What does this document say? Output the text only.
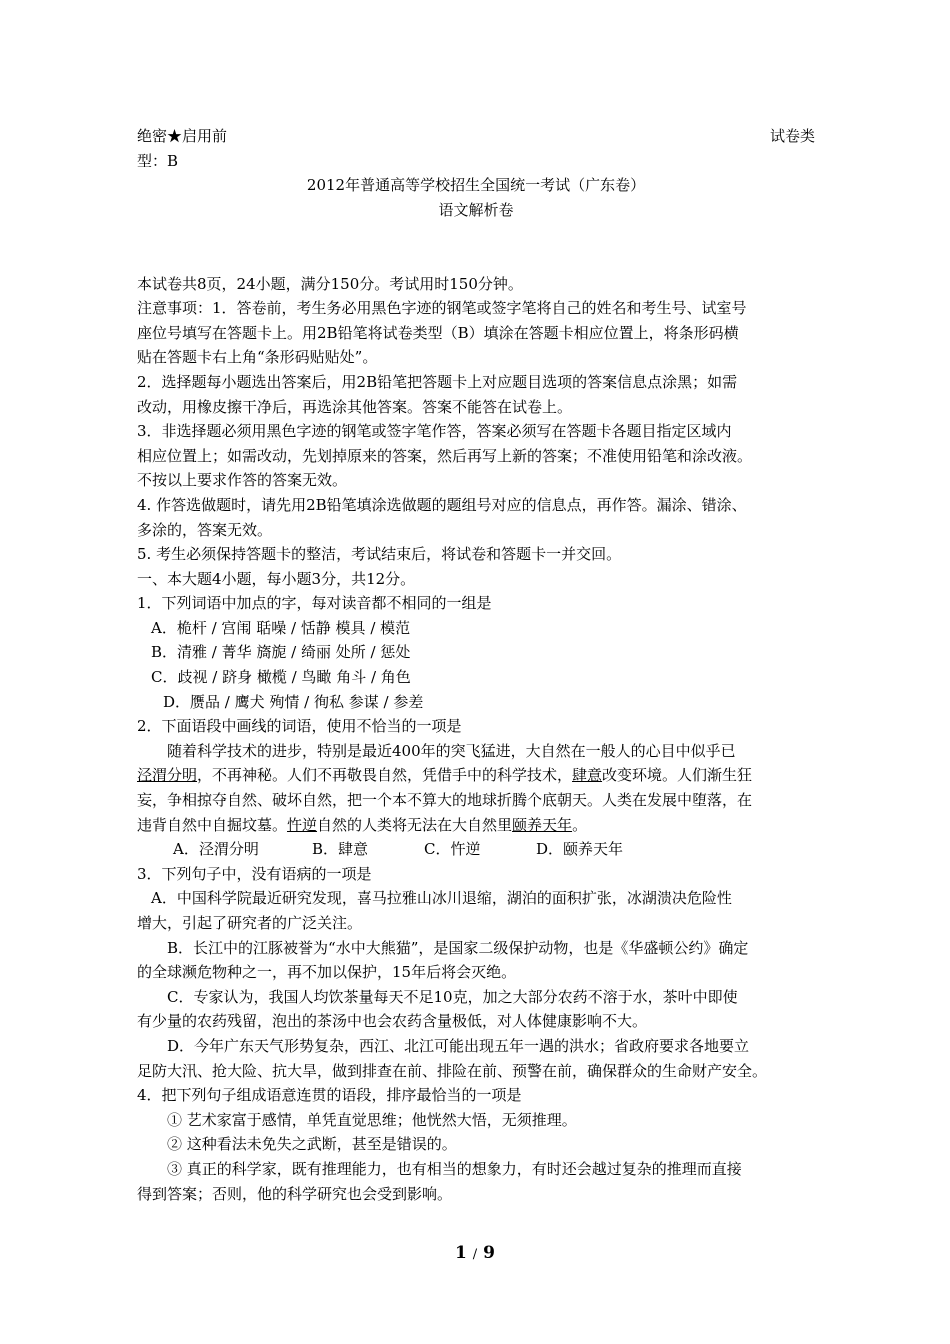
绝密★启用前	试卷类
型：B
2012年普通高等学校招生全国统一考试（广东卷）
语文解析卷
本试卷共8页，24小题，满分150分。考试用时150分钟。
注意事项：1．答卷前，考生务必用黑色字迹的钢笔或签字笔将自己的姓名和考生号、试室号
座位号填写在答题卡上。用2B铅笔将试卷类型（B）填涂在答题卡相应位置上，将条形码横
贴在答题卡右上角“条形码贴贴处”。
2．选择题每小题选出答案后，用2B铅笔把答题卡上对应题目选项的答案信息点涂黑；如需
改动，用橡皮擦干净后，再选涂其他答案。答案不能答在试卷上。
3．非选择题必须用黑色字迹的钢笔或签字笔作答，答案必须写在答题卡各题目指定区域内
相应位置上；如需改动，先划掉原来的答案，然后再写上新的答案；不准使用铅笔和涂改液。
不按以上要求作答的答案无效。
4. 作答选做题时，请先用2B铅笔填涂选做题的题组号对应的信息点，再作答。漏涂、错涂、
多涂的，答案无效。
5. 考生必须保持答题卡的整洁，考试结束后，将试卷和答题卡一并交回。
一、本大题4小题，每小题3分，共12分。
1．下列词语中加点的字，每对读音都不相同的一组是
A．桅杆 / 宫闱 聒噪 / 恬静 模具 / 模范
B．清雅 / 菁华 旖旎 / 绮丽 处所 / 惩处
C．歧视 / 跻身 橄榄 / 鸟瞰 角斗 / 角色
D．赝品 / 鹰犬 殉情 / 徇私 参谋 / 参差
2．下面语段中画线的词语，使用不恰当的一项是
随着科学技术的进步，特别是最近400年的突飞猛进，大自然在一般人的心目中似乎已
泾渭分明，不再神秘。人们不再敬畏自然，凭借手中的科学技术，肆意改变环境。人们渐生狂
妄，争相掠夺自然、破坏自然，把一个本不算大的地球折腾个底朝天。人类在发展中堕落，在
违背自然中自掘坟墓。忤逆自然的人类将无法在大自然里颐养天年。
A．泾渭分明	B．肆意	C．忤逆	D．颐养天年
3．下列句子中，没有语病的一项是
A．中国科学院最近研究发现，喜马拉雅山冰川退缩，湖泊的面积扩张，冰湖溃决危险性
增大，引起了研究者的广泛关注。
B．长江中的江豚被誉为“水中大熊猫”，是国家二级保护动物，也是《华盛顿公约》确定
的全球濒危物种之一，再不加以保护，15年后将会灭绝。
C．专家认为，我国人均饮茶量每天不足10克，加之大部分农药不溶于水，茶叶中即使
有少量的农药残留，泡出的茶汤中也会农药含量极低，对人体健康影响不大。
D．今年广东天气形势复杂，西江、北江可能出现五年一遇的洪水；省政府要求各地要立
足防大汛、抢大险、抗大旱，做到排查在前、排险在前、预警在前，确保群众的生命财产安全。
4．把下列句子组成语意连贯的语段，排序最恰当的一项是
① 艺术家富于感情，单凭直觉思维；他恍然大悟，无须推理。
② 这种看法未免失之武断，甚至是错误的。
③ 真正的科学家，既有推理能力，也有相当的想象力，有时还会越过复杂的推理而直接
得到答案；否则，他的科学研究也会受到影响。
1 / 9
